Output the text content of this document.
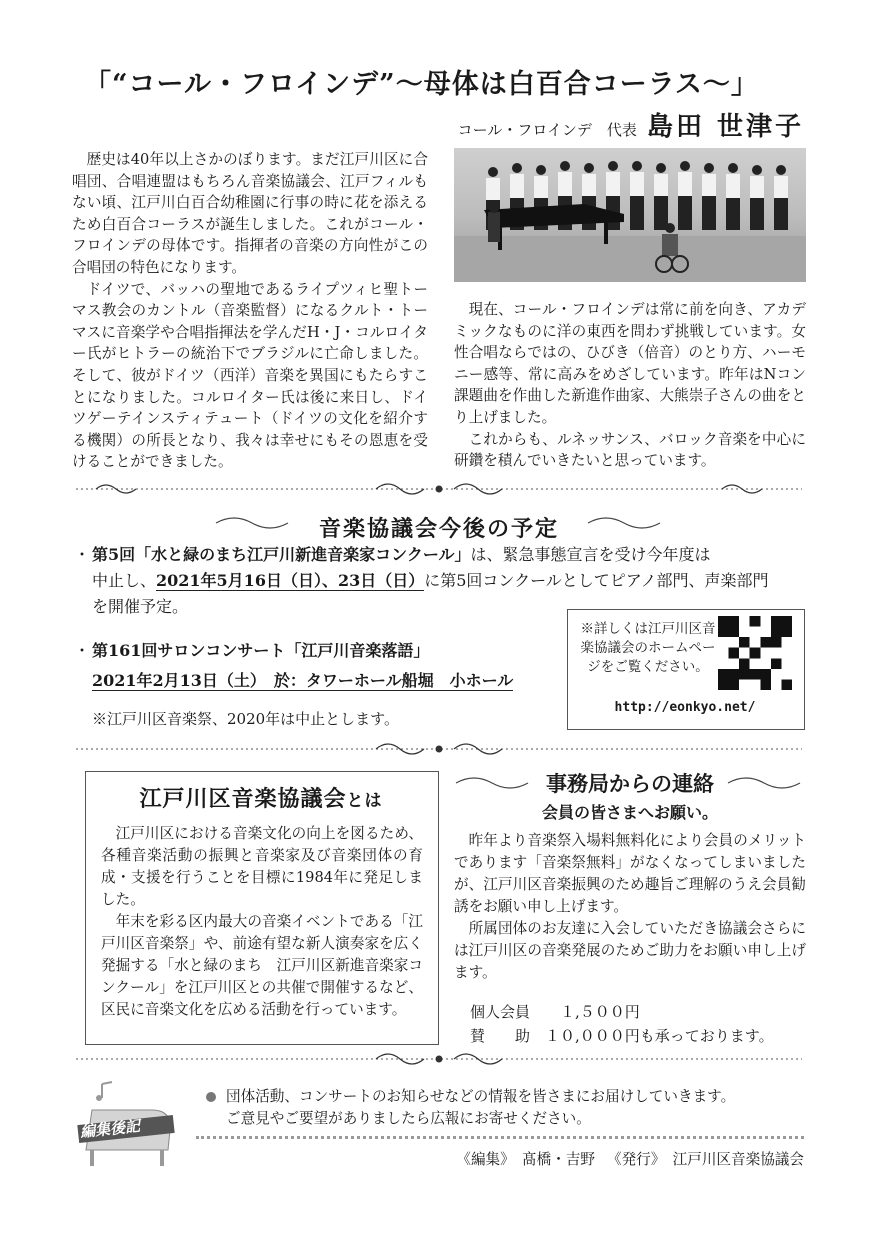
「“コール・フロインデ”～母体は白百合コーラス～」
コール・フロインデ　代表 島田 世津子

歴史は40年以上さかのぼります。まだ江戸川区に合唱団、合唱連盟はもちろん音楽協議会、江戸フィルもない頃、江戸川白百合幼稚園に行事の時に花を添えるため白百合コーラスが誕生しました。これがコール・フロインデの母体です。指揮者の音楽の方向性がこの合唱団の特色になります。

ドイツで、バッハの聖地であるライプツィヒ聖トーマス教会のカントル（音楽監督）になるクルト・トーマスに音楽学や合唱指揮法を学んだH・J・コルロイター氏がヒトラーの統治下でブラジルに亡命しました。そして、彼がドイツ（西洋）音楽を異国にもたらすことになりました。コルロイター氏は後に来日し、ドイツゲーテインスティテュート（ドイツの文化を紹介する機関）の所長となり、我々は幸せにもその恩恵を受けることができました。

現在、コール・フロインデは常に前を向き、アカデミックなものに洋の東西を問わず挑戦しています。女性合唱ならではの、ひびき（倍音）のとり方、ハーモニー感等、常に高みをめざしています。昨年はNコン課題曲を作曲した新進作曲家、大熊崇子さんの曲をとり上げました。

これからも、ルネッサンス、バロック音楽を中心に研鑽を積んでいきたいと思っています。

音楽協議会今後の予定
・ 第5回「水と緑のまち江戸川新進音楽家コンクール」は、緊急事態宣言を受け今年度は
中止し、2021年5月16日（日）、23日（日）に第5回コンクールとしてピアノ部門、声楽部門
を開催予定。
・ 第161回サロンコンサート「江戸川音楽落語」
2021年2月13日（土）　於：タワーホール船堀　小ホール
※江戸川区音楽祭、2020年は中止とします。
※詳しくは江戸川区音楽協議会のホームページをご覧ください。
http://eonkyo.net/
江戸川区音楽協議会とは

江戸川区における音楽文化の向上を図るため、各種音楽活動の振興と音楽家及び音楽団体の育成・支援を行うことを目標に1984年に発足しました。

年末を彩る区内最大の音楽イベントである「江戸川区音楽祭」や、前途有望な新人演奏家を広く発掘する「水と緑のまち　江戸川区新進音楽家コンクール」を江戸川区との共催で開催するなど、区民に音楽文化を広める活動を行っています。

事務局からの連絡
会員の皆さまへお願い。

昨年より音楽祭入場料無料化により会員のメリットであります「音楽祭無料」がなくなってしまいましたが、江戸川区音楽振興のため趣旨ご理解のうえ会員勧誘をお願い申し上げます。

所属団体のお友達に入会していただき協議会さらには江戸川区の音楽発展のためご助力をお願い申し上げます。

個人会員　　１,５００円
賛　　助　１０,０００円も承っております。
編集後記
団体活動、コンサートのお知らせなどの情報を皆さまにお届けしていきます。
ご意見やご要望がありましたら広報にお寄せください。
《編集》　髙橋・吉野 《発行》　江戸川区音楽協議会
